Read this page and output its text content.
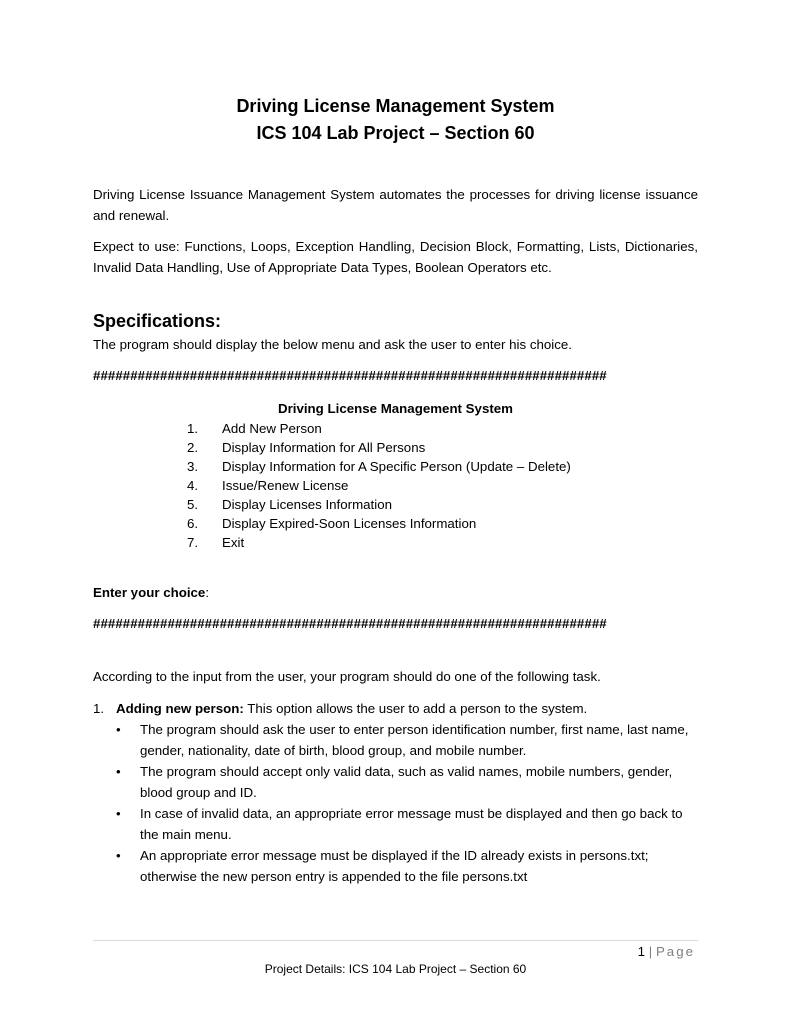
Driving License Management System
ICS 104 Lab Project – Section 60
Driving License Issuance Management System automates the processes for driving license issuance and renewal.
Expect to use: Functions, Loops, Exception Handling, Decision Block, Formatting, Lists, Dictionaries, Invalid Data Handling, Use of Appropriate Data Types, Boolean Operators etc.
Specifications:
The program should display the below menu and ask the user to enter his choice.
#####################################################################
Driving License Management System
1. Add New Person
2. Display Information for All Persons
3. Display Information for A Specific Person (Update – Delete)
4. Issue/Renew License
5. Display Licenses Information
6. Display Expired-Soon Licenses Information
7. Exit
Enter your choice:
#####################################################################
According to the input from the user, your program should do one of the following task.
1. Adding new person: This option allows the user to add a person to the system.
• The program should ask the user to enter person identification number, first name, last name, gender, nationality, date of birth, blood group, and mobile number.
• The program should accept only valid data, such as valid names, mobile numbers, gender, blood group and ID.
• In case of invalid data, an appropriate error message must be displayed and then go back to the main menu.
• An appropriate error message must be displayed if the ID already exists in persons.txt; otherwise the new person entry is appended to the file persons.txt
1 | Page
Project Details: ICS 104 Lab Project – Section 60
